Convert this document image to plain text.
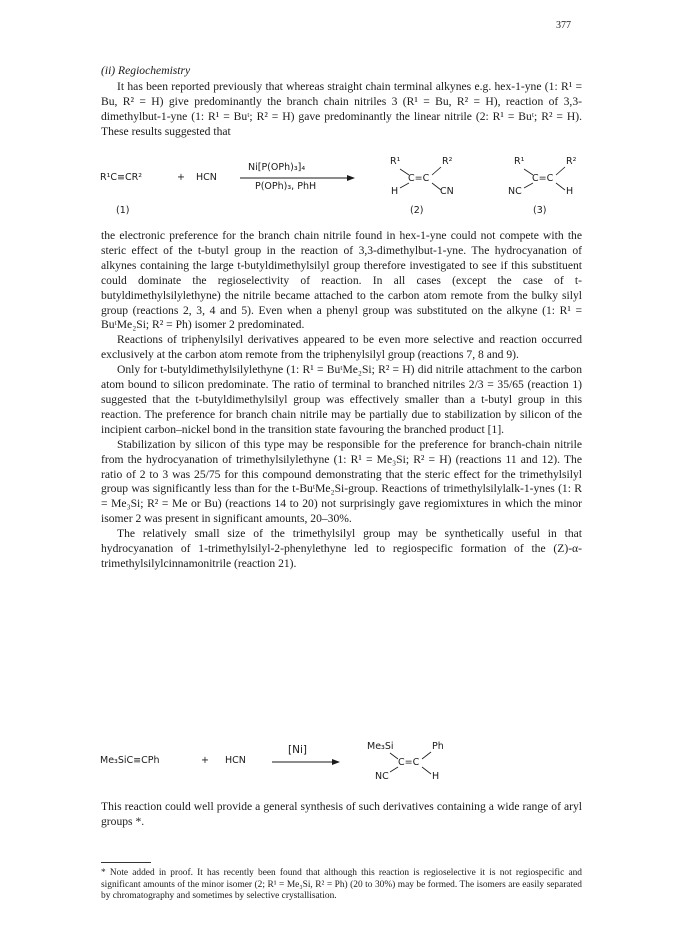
377
(ii) Regiochemistry

It has been reported previously that whereas straight chain terminal alkynes e.g. hex-1-yne (1: R¹ = Bu, R² = H) give predominantly the branch chain nitriles 3 (R¹ = Bu, R² = H), reaction of 3,3-dimethylbut-1-yne (1: R¹ = Buᵗ; R² = H) gave predominantly the linear nitrile (2: R¹ = Buᵗ; R² = H). These results suggested that

R¹C≡CR²	+ HCN
Ni[P(OPh)₃]₄
P(OPh)₃, PhH
(1)
R¹	R²
C=C
H	CN
(2)
R¹	R²
C=C
NC	H
(3)

the electronic preference for the branch chain nitrile found in hex-1-yne could not compete with the steric effect of the t-butyl group in the reaction of 3,3-dimethylbut-1-yne. The hydrocyanation of alkynes containing the large t-butyldimethylsilyl group therefore investigated to see if this substituent could dominate the regioselectivity of reaction. In all cases (except the case of t-butyldimethylsilylethyne) the nitrile became attached to the carbon atom remote from the bulky silyl group (reactions 2, 3, 4 and 5). Even when a phenyl group was substituted on the alkyne (1: R¹ = BuᵗMe₂Si; R² = Ph) isomer 2 predominated.

Reactions of triphenylsilyl derivatives appeared to be even more selective and reaction occurred exclusively at the carbon atom remote from the triphenylsilyl group (reactions 7, 8 and 9).

Only for t-butyldimethylsilylethyne (1: R¹ = BuᵗMe₂Si; R² = H) did nitrile attachment to the carbon atom bound to silicon predominate. The ratio of terminal to branched nitriles 2/3 = 35/65 (reaction 1) suggested that the t-butyldimethylsilyl group was effectively smaller than a t-butyl group in this reaction. The preference for branch chain nitrile may be partially due to stabilization by silicon of the incipient carbon–nickel bond in the transition state favouring the branched product [1].

Stabilization by silicon of this type may be responsible for the preference for branch-chain nitrile from the hydrocyanation of trimethylsilylethyne (1: R¹ = Me₃Si; R² = H) (reactions 11 and 12). The ratio of 2 to 3 was 25/75 for this compound demonstrating that the steric effect for the trimethylsilyl group was significantly less than for the t-BuᵗMe₂Si-group. Reactions of trimethylsilylalk-1-ynes (1: R = Me₃Si; R² = Me or Bu) (reactions 14 to 20) not surprisingly gave regiomixtures in which the minor isomer 2 was present in significant amounts, 20–30%.

The relatively small size of the trimethylsilyl group may be synthetically useful in that hydrocyanation of 1-trimethylsilyl-2-phenylethyne led to regiospecific formation of the (Z)-α-trimethylsilylcinnamonitrile (reaction 21).

Me₃SiC≡CPh	+ HCN
[Ni]	Me₃Si	Ph
C=C
NC	H

This reaction could well provide a general synthesis of such derivatives containing a wide range of aryl groups *.

* Note added in proof. It has recently been found that although this reaction is regioselective it is not regiospecific and significant amounts of the minor isomer (2; R¹ = Me₃Si, R² = Ph) (20 to 30%) may be formed. The isomers are easily separated by chromatography and sometimes by selective crystallisation.
